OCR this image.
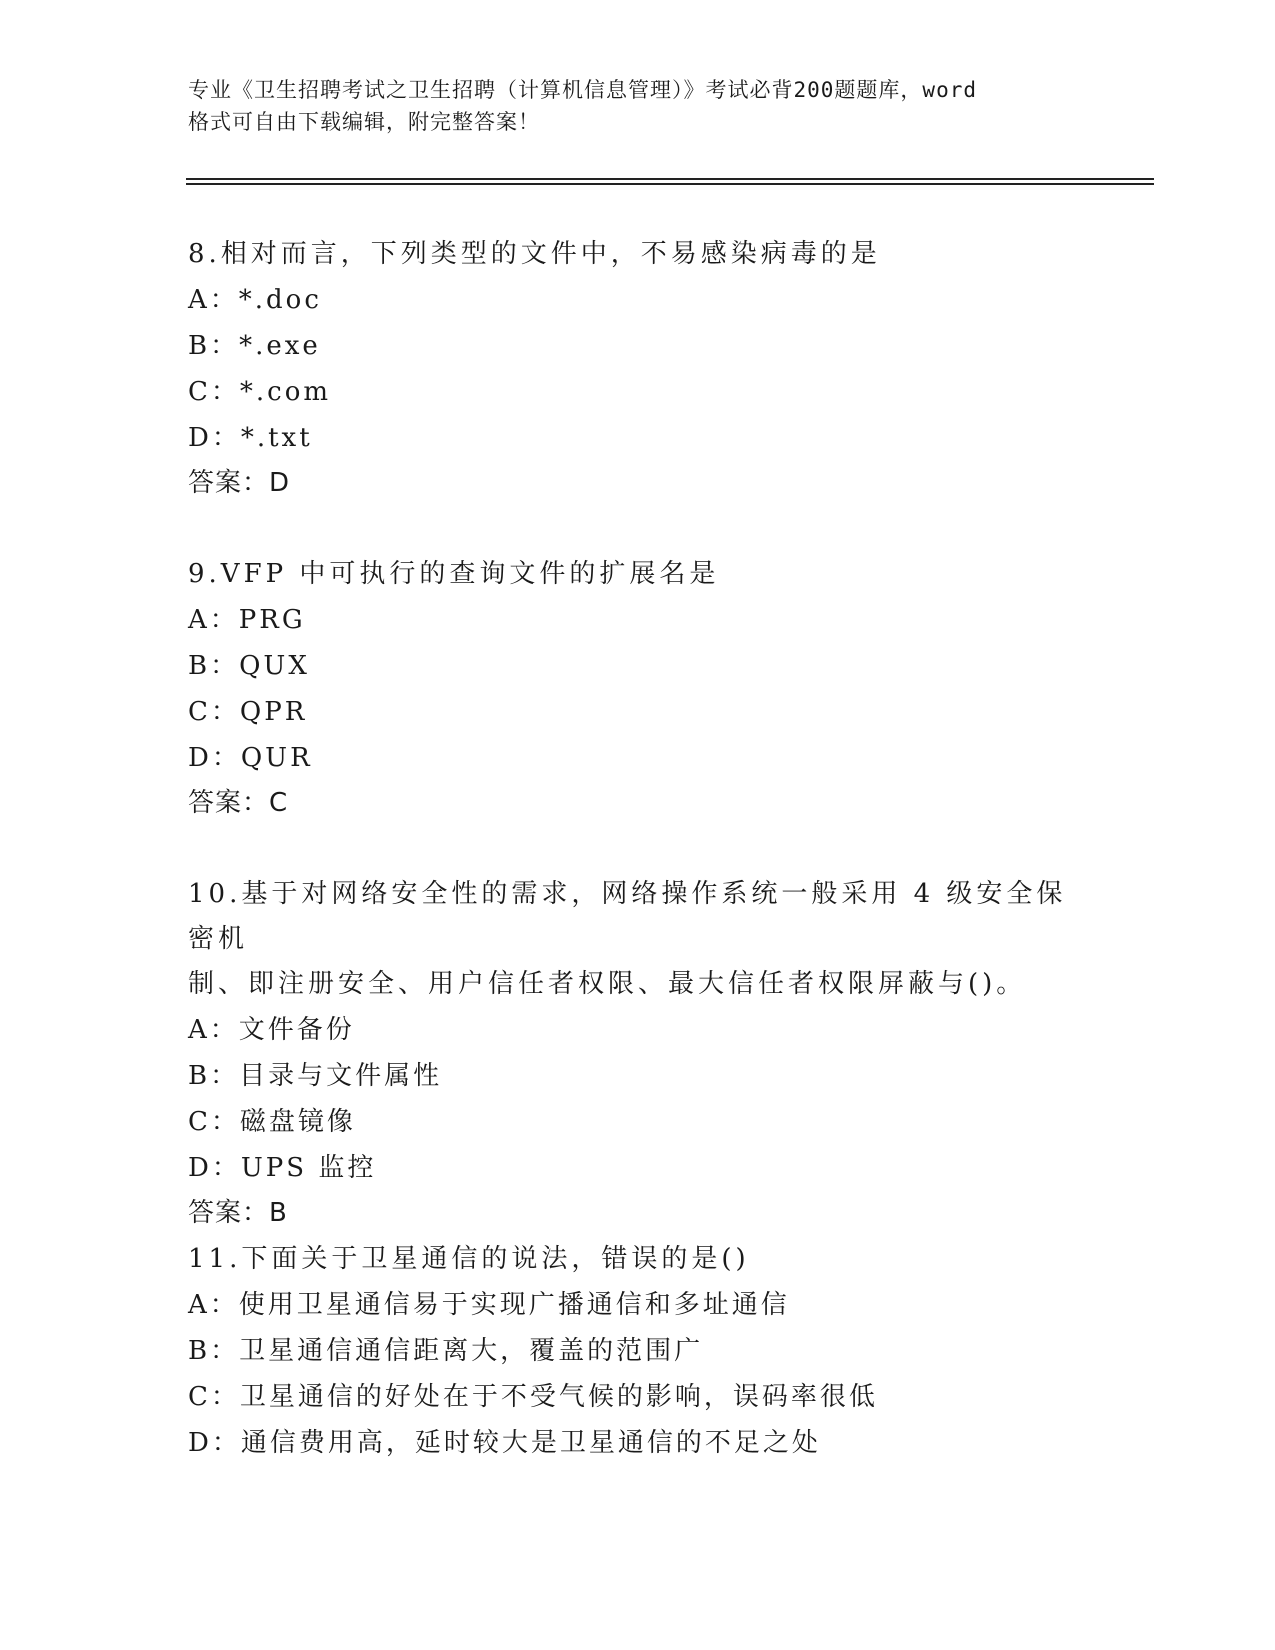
专业《卫生招聘考试之卫生招聘（计算机信息管理）》考试必背200题题库，word
格式可自由下载编辑，附完整答案！
8.相对而言，下列类型的文件中，不易感染病毒的是
A：*.doc
B：*.exe
C：*.com
D：*.txt
答案：D
9.VFP 中可执行的查询文件的扩展名是
A：PRG
B：QUX
C：QPR
D：QUR
答案：C
10.基于对网络安全性的需求，网络操作系统一般采用 4 级安全保密机
制、即注册安全、用户信任者权限、最大信任者权限屏蔽与()。
A：文件备份
B：目录与文件属性
C：磁盘镜像
D：UPS 监控
答案：B
11.下面关于卫星通信的说法，错误的是()
A：使用卫星通信易于实现广播通信和多址通信
B：卫星通信通信距离大，覆盖的范围广
C：卫星通信的好处在于不受气候的影响，误码率很低
D：通信费用高，延时较大是卫星通信的不足之处
